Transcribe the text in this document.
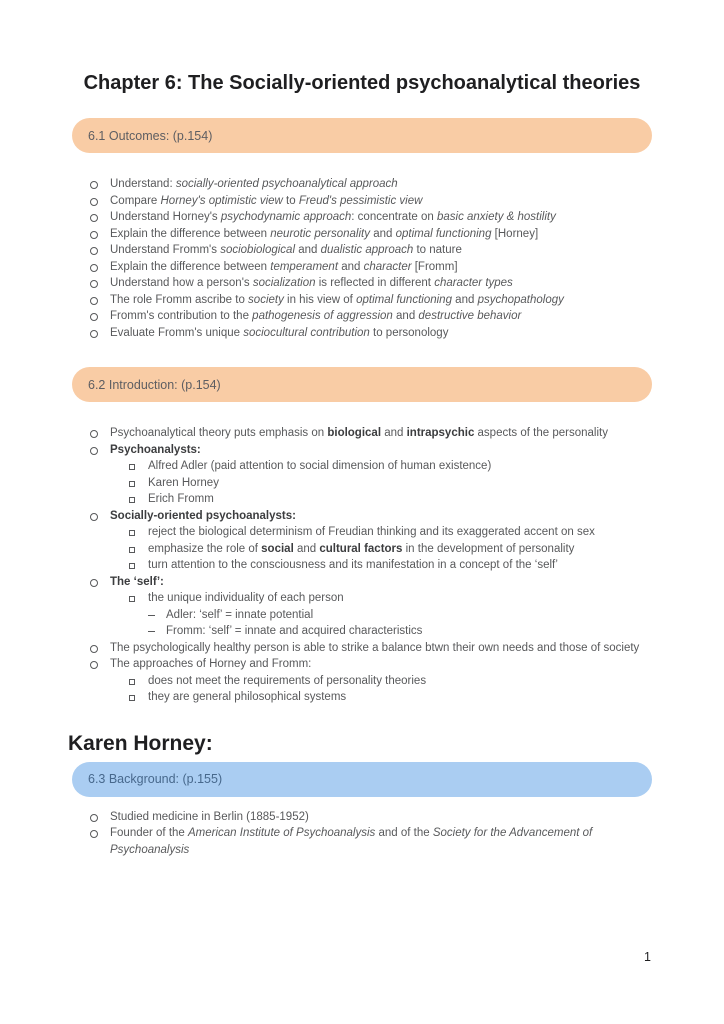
Chapter 6: The Socially-oriented psychoanalytical theories
6.1 Outcomes: (p.154)
Understand: socially-oriented psychoanalytical approach
Compare Horney's optimistic view to Freud's pessimistic view
Understand Horney's psychodynamic approach: concentrate on basic anxiety & hostility
Explain the difference between neurotic personality and optimal functioning [Horney]
Understand Fromm's sociobiological and dualistic approach to nature
Explain the difference between temperament and character [Fromm]
Understand how a person's socialization is reflected in different character types
The role Fromm ascribe to society in his view of optimal functioning and psychopathology
Fromm's contribution to the pathogenesis of aggression and destructive behavior
Evaluate Fromm's unique sociocultural contribution to personology
6.2 Introduction: (p.154)
Psychoanalytical theory puts emphasis on biological and intrapsychic aspects of the personality
Psychoanalysts:
Alfred Adler (paid attention to social dimension of human existence)
Karen Horney
Erich Fromm
Socially-oriented psychoanalysts:
reject the biological determinism of Freudian thinking and its exaggerated accent on sex
emphasize the role of social and cultural factors in the development of personality
turn attention to the consciousness and its manifestation in a concept of the ‘self’
The ‘self’:
the unique individuality of each person
Adler: ‘self’ = innate potential
Fromm: ‘self’ = innate and acquired characteristics
The psychologically healthy person is able to strike a balance btwn their own needs and those of society
The approaches of Horney and Fromm:
does not meet the requirements of personality theories
they are general philosophical systems
Karen Horney:
6.3 Background: (p.155)
Studied medicine in Berlin (1885-1952)
Founder of the American Institute of Psychoanalysis and of the Society for the Advancement of Psychoanalysis
1
